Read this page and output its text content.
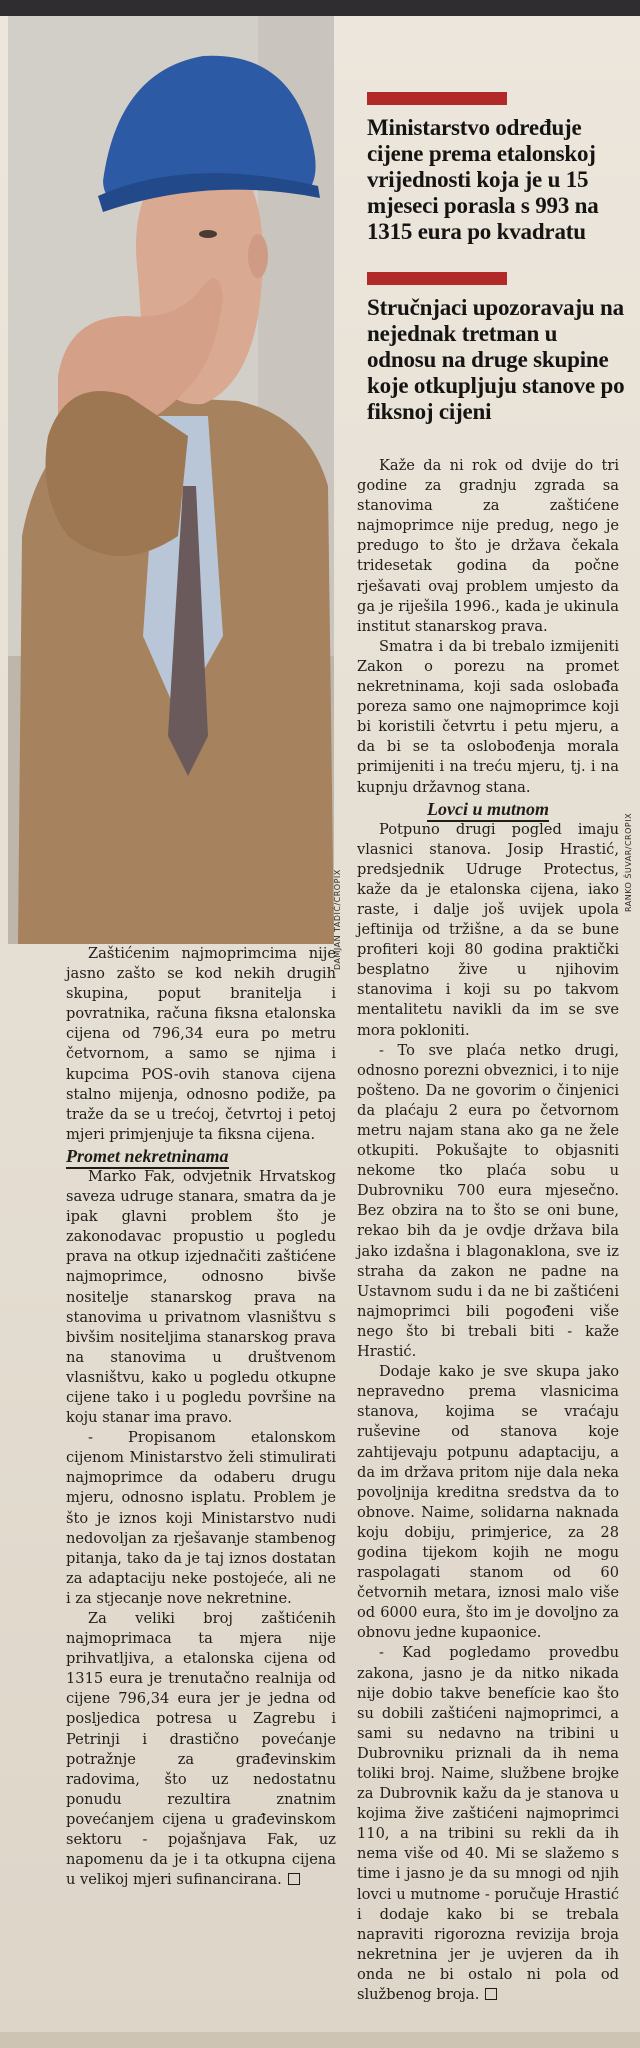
DAMJAN TADIĆ/CROPIX
RANKO ŠUVAR/CROPIX

Ministarstvo određuje cijene prema etalonskoj vrijednosti koja je u 15 mjeseci porasla s 993 na 1315 eura po kvadratu

Stručnjaci upozoravaju na nejednak tretman u odnosu na druge skupine koje otkupljuju stanove po fiksnoj cijeni

Kaže da ni rok od dvije do tri godine za gradnju zgrada sa stanovima za zaštićene najmoprimce nije predug, nego je predugo to što je država čekala tridesetak godina da počne rješavati ovaj problem umjesto da ga je riješila 1996., kada je ukinula institut stanarskog prava.

Smatra i da bi trebalo izmijeniti Zakon o porezu na promet nekretninama, koji sada oslobađa poreza samo one najmoprimce koji bi koristili četvrtu i petu mjeru, a da bi se ta oslobođenja morala primijeniti i na treću mjeru, tj. i na kupnju državnog stana.

Lovci u mutnom

Potpuno drugi pogled imaju vlasnici stanova. Josip Hrastić, predsjednik Udruge Protectus, kaže da je etalonska cijena, iako raste, i dalje još uvijek upola jeftinija od tržišne, a da se bune profiteri koji 80 godina praktički besplatno žive u njihovim stanovima i koji su po takvom mentalitetu navikli da im se sve mora pokloniti.

- To sve plaća netko drugi, odnosno porezni obveznici, i to nije pošteno. Da ne govorim o činjenici da plaćaju 2 eura po četvornom metru najam stana ako ga ne žele otkupiti. Pokušajte to objasniti nekome tko plaća sobu u Dubrovniku 700 eura mjesečno. Bez obzira na to što se oni bune, rekao bih da je ovdje država bila jako izdašna i blagonaklona, sve iz straha da zakon ne padne na Ustavnom sudu i da ne bi zaštićeni najmoprimci bili pogođeni više nego što bi trebali biti - kaže Hrastić.

Dodaje kako je sve skupa jako nepravedno prema vlasnicima stanova, kojima se vraćaju ruševine od stanova koje zahtijevaju potpunu adaptaciju, a da im država pritom nije dala neka povoljnija kreditna sredstva da to obnove. Naime, solidarna naknada koju dobiju, primjerice, za 28 godina tijekom kojih ne mogu raspolagati stanom od 60 četvornih metara, iznosi malo više od 6000 eura, što im je dovoljno za obnovu jedne kupaonice.

- Kad pogledamo provedbu zakona, jasno je da nitko nikada nije dobio takve benefície kao što su dobili zaštićeni najmoprimci, a sami su nedavno na tribini u Dubrovniku priznali da ih nema toliki broj. Naime, službene brojke za Dubrovnik kažu da je stanova u kojima žive zaštićeni najmoprimci 110, a na tribini su rekli da ih nema više od 40. Mi se slažemo s time i jasno je da su mnogi od njih lovci u mutnome - poručuje Hrastić i dodaje kako bi se trebala napraviti rigorozna revizija broja nekretnina jer je uvjeren da ih onda ne bi ostalo ni pola od službenog broja.

Zaštićenim najmoprimcima nije jasno zašto se kod nekih drugih skupina, poput branitelja i povratnika, računa fiksna etalonska cijena od 796,34 eura po metru četvornom, a samo se njima i kupcima POS-ovih stanova cijena stalno mijenja, odnosno podiže, pa traže da se u trećoj, četvrtoj i petoj mjeri primjenjuje ta fiksna cijena.

Promet nekretninama

Marko Fak, odvjetnik Hrvatskog saveza udruge stanara, smatra da je ipak glavni problem što je zakonodavac propustio u pogledu prava na otkup izjednačiti zaštićene najmoprimce, odnosno bivše nositelje stanarskog prava na stanovima u privatnom vlasništvu s bivšim nositeljima stanarskog prava na stanovima u društvenom vlasništvu, kako u pogledu otkupne cijene tako i u pogledu površine na koju stanar ima pravo.

- Propisanom etalonskom cijenom Ministarstvo želi stimulirati najmoprimce da odaberu drugu mjeru, odnosno isplatu. Problem je što je iznos koji Ministarstvo nudi nedovoljan za rješavanje stambenog pitanja, tako da je taj iznos dostatan za adaptaciju neke postojeće, ali ne i za stjecanje nove nekretnine.

Za veliki broj zaštićenih najmoprimaca ta mjera nije prihvatljiva, a etalonska cijena od 1315 eura je trenutačno realnija od cijene 796,34 eura jer je jedna od posljedica potresa u Zagrebu i Petrinji i drastično povećanje potražnje za građevinskim radovima, što uz nedostatnu ponudu rezultira znatnim povećanjem cijena u građevinskom sektoru - pojašnjava Fak, uz napomenu da je i ta otkupna cijena u velikoj mjeri sufinancirana.
